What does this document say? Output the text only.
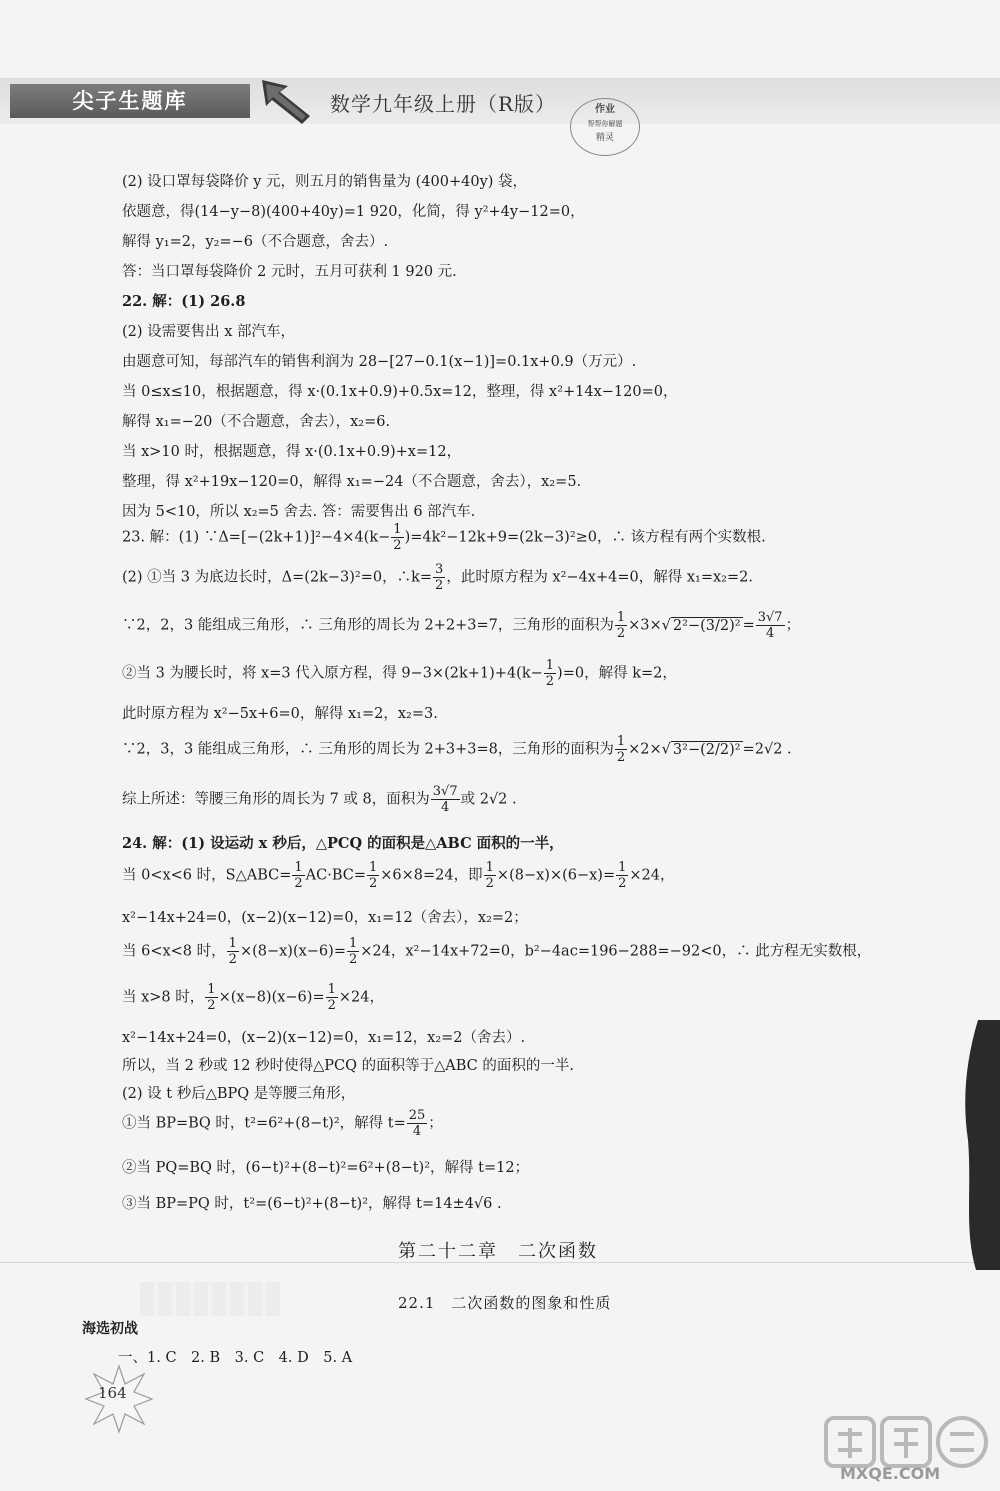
尖子生题库	数学九年级上册（R版）	作业
帮帮你解题
精灵
(2) 设口罩每袋降价 y 元，则五月的销售量为 (400+40y) 袋，
依题意，得(14−y−8)(400+40y)=1 920，化简，得 y²+4y−12=0，
解得 y₁=2，y₂=−6（不合题意，舍去）.
答：当口罩每袋降价 2 元时，五月可获利 1 920 元.
22. 解：(1) 26.8
(2) 设需要售出 x 部汽车，
由题意可知，每部汽车的销售利润为 28−[27−0.1(x−1)]=0.1x+0.9（万元）.
当 0≤x≤10，根据题意，得 x·(0.1x+0.9)+0.5x=12，整理，得 x²+14x−120=0，
解得 x₁=−20（不合题意，舍去），x₂=6.
当 x>10 时，根据题意，得 x·(0.1x+0.9)+x=12，
整理，得 x²+19x−120=0，解得 x₁=−24（不合题意，舍去），x₂=5.
因为 5<10，所以 x₂=5 舍去. 答：需要售出 6 部汽车.
23. 解：(1) ∵Δ=[−(2k+1)]²−4×4(k− $\frac{1}{2} )=4k^2-12k+9=(2k-3)^2\ge 0$，∴ 该方程有两个实数根.
(2) ①当 3 为底边长时，Δ=(2k−3)²=0，∴k= $\frac{3}{2}$ ，此时原方程为 x²−4x+4=0，解得 x₁=x₂=2.
∵2，2，3 能组成三角形，∴ 三角形的周长为 2+2+3=7，三角形的面积为 $\frac{1}{2} \times 3\times√$ $2^2-(3/2)^2 = \frac{3√7}{4}$ ；
②当 3 为腰长时，将 x=3 代入原方程，得 $9-3\times(2k+1)+4(k- \frac{1}{2} )=0$，解得 k=2，
此时原方程为 x²−5x+6=0，解得 x₁=2，x₂=3.
∵2，3，3 能组成三角形，∴ 三角形的周长为 2+3+3=8，三角形的面积为 $\frac{1}{2} \times 2\times√$ 3²−(2/2)² =2√2 .
综上所述：等腰三角形的周长为 7 或 8，面积为 $\frac{3√7}{4}$ 或 2√2 .
24. 解：(1) 设运动 x 秒后，△PCQ 的面积是△ABC 面积的一半，
当 0<x<6 时，S△ABC= $\frac{1}{2} AC\cdot BC= \frac{1}{2} \times 6\times 8=24$，即 $\frac{1}{2} \times(8-x)\times(6-x)= \frac{1}{2} \times 24$，
x²−14x+24=0，(x−2)(x−12)=0，x₁=12（舍去），x₂=2；
当 6<x<8 时， $\frac{1}{2} \times(8-x)(x-6)= \frac{1}{2} \times 24$，x²−14x+72=0，b²−4ac=196−288=−92<0，∴ 此方程无实数根，
当 x>8 时， $\frac{1}{2} \times(x-8)(x-6)= \frac{1}{2} \times 24$，
x²−14x+24=0，(x−2)(x−12)=0，x₁=12，x₂=2（舍去）.
所以，当 2 秒或 12 秒时使得△PCQ 的面积等于△ABC 的面积的一半.
(2) 设 t 秒后△BPQ 是等腰三角形，
①当 BP=BQ 时，t²=6²+(8−t)²，解得 $t= \frac{25}{4}$ ；
②当 PQ=BQ 时，(6−t)²+(8−t)²=6²+(8−t)²，解得 t=12；
③当 BP=PQ 时，t²=(6−t)²+(8−t)²，解得 t=14±4√6 .
第二十二章　二次函数
22.1　二次函数的图象和性质
海选初战
一、1. C　2. B　3. C　4. D　5. A
164
MXQE.COM
